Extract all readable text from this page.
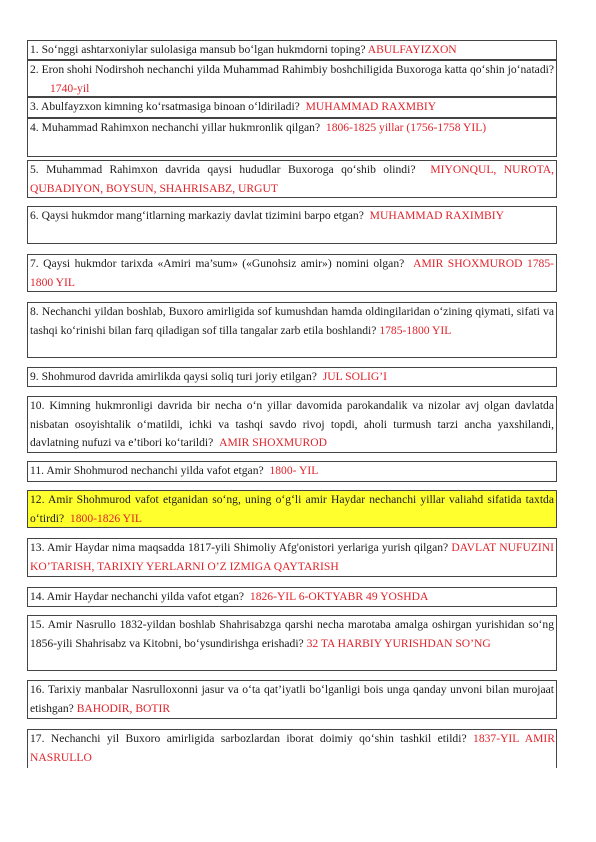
1. So‘nggi ashtarxoniylar sulolasiga mansub bo‘lgan hukmdorni toping? ABULFAYIZXON
2. Eron shohi Nodirshoh nechanchi yilda Muhammad Rahimbiy boshchiligida Buxoroga katta qo‘shin jo‘natadi? 1740-yil
3. Abulfayzxon kimning ko‘rsatmasiga binoan o‘ldiriladi? MUHAMMAD RAXMBIY
4. Muhammad Rahimxon nechanchi yillar hukmronlik qilgan? 1806-1825 yillar (1756-1758 YIL)
5. Muhammad Rahimxon davrida qaysi hududlar Buxoroga qo‘shib olindi? MIYONQUL, NUROTA, QUBADIYON, BOYSUN, SHAHRISABZ, URGUT
6. Qaysi hukmdor mang‘itlarning markaziy davlat tizimini barpo etgan? MUHAMMAD RAXIMBIY
7. Qaysi hukmdor tarixda «Amiri ma’sum» («Gunohsiz amir») nomini olgan? AMIR SHOXMUROD 1785-1800 YIL
8. Nechanchi yildan boshlab, Buxoro amirligida sof kumushdan hamda oldingilaridan o‘zining qiymati, sifati va tashqi ko‘rinishi bilan farq qiladigan sof tilla tangalar zarb etila boshlandi? 1785-1800 YIL
9. Shohmurod davrida amirlikda qaysi soliq turi joriy etilgan? JUL SOLIG’I
10. Kimning hukmronligi davrida bir necha o‘n yillar davomida parokandalik va nizolar avj olgan davlatda nisbatan osoyishtalik o‘matildi, ichki va tashqi savdo rivoj topdi, aholi turmush tarzi ancha yaxshilandi, davlatning nufuzi va e’tibori ko‘tarildi? AMIR SHOXMUROD
11. Amir Shohmurod nechanchi yilda vafot etgan? 1800- YIL
12. Amir Shohmurod vafot etganidan so‘ng, uning o‘g‘li amir Haydar nechanchi yillar valiahd sifatida taxtda o‘tirdi? 1800-1826 YIL
13. Amir Haydar nima maqsadda 1817-yili Shimoliy Afg'onistori yerlariga yurish qilgan? DAVLAT NUFUZINI KO’TARISH, TARIXIY YERLARNI O’Z IZMIGA QAYTARISH
14. Amir Haydar nechanchi yilda vafot etgan? 1826-YIL 6-OKTYABR 49 YOSHDA
15. Amir Nasrullo 1832-yildan boshlab Shahrisabzga qarshi necha marotaba amalga oshirgan yurishidan so‘ng 1856-yili Shahrisabz va Kitobni, bo‘ysundirishga erishadi? 32 TA HARBIY YURISHDAN SO’NG
16. Tarixiy manbalar Nasrulloxonni jasur va o‘ta qat’iyatli bo‘lganligi bois unga qanday unvoni bilan murojaat etishgan? BAHODIR, BOTIR
17. Nechanchi yil Buxoro amirligida sarbozlardan iborat doimiy qo‘shin tashkil etildi? 1837-YIL AMIR NASRULLO
